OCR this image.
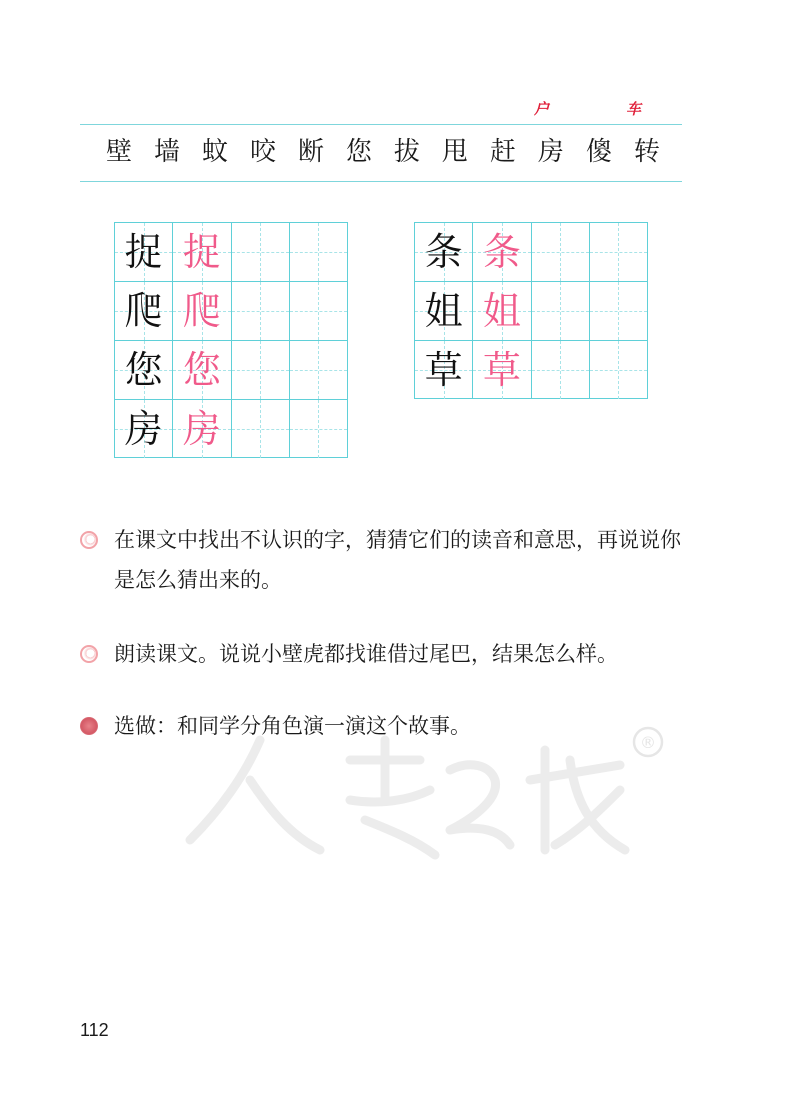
户	车
壁 墙 蚊 咬 断 您 拔 甩 赶 房 傻 转
捉 捉
爬 爬
您 您
房 房
条 条
姐 姐
草 草
®
在课文中找出不认识的字，猜猜它们的读音和意思，再说说你是怎么猜出来的。
朗读课文。说说小壁虎都找谁借过尾巴，结果怎么样。
选做：和同学分角色演一演这个故事。
112
